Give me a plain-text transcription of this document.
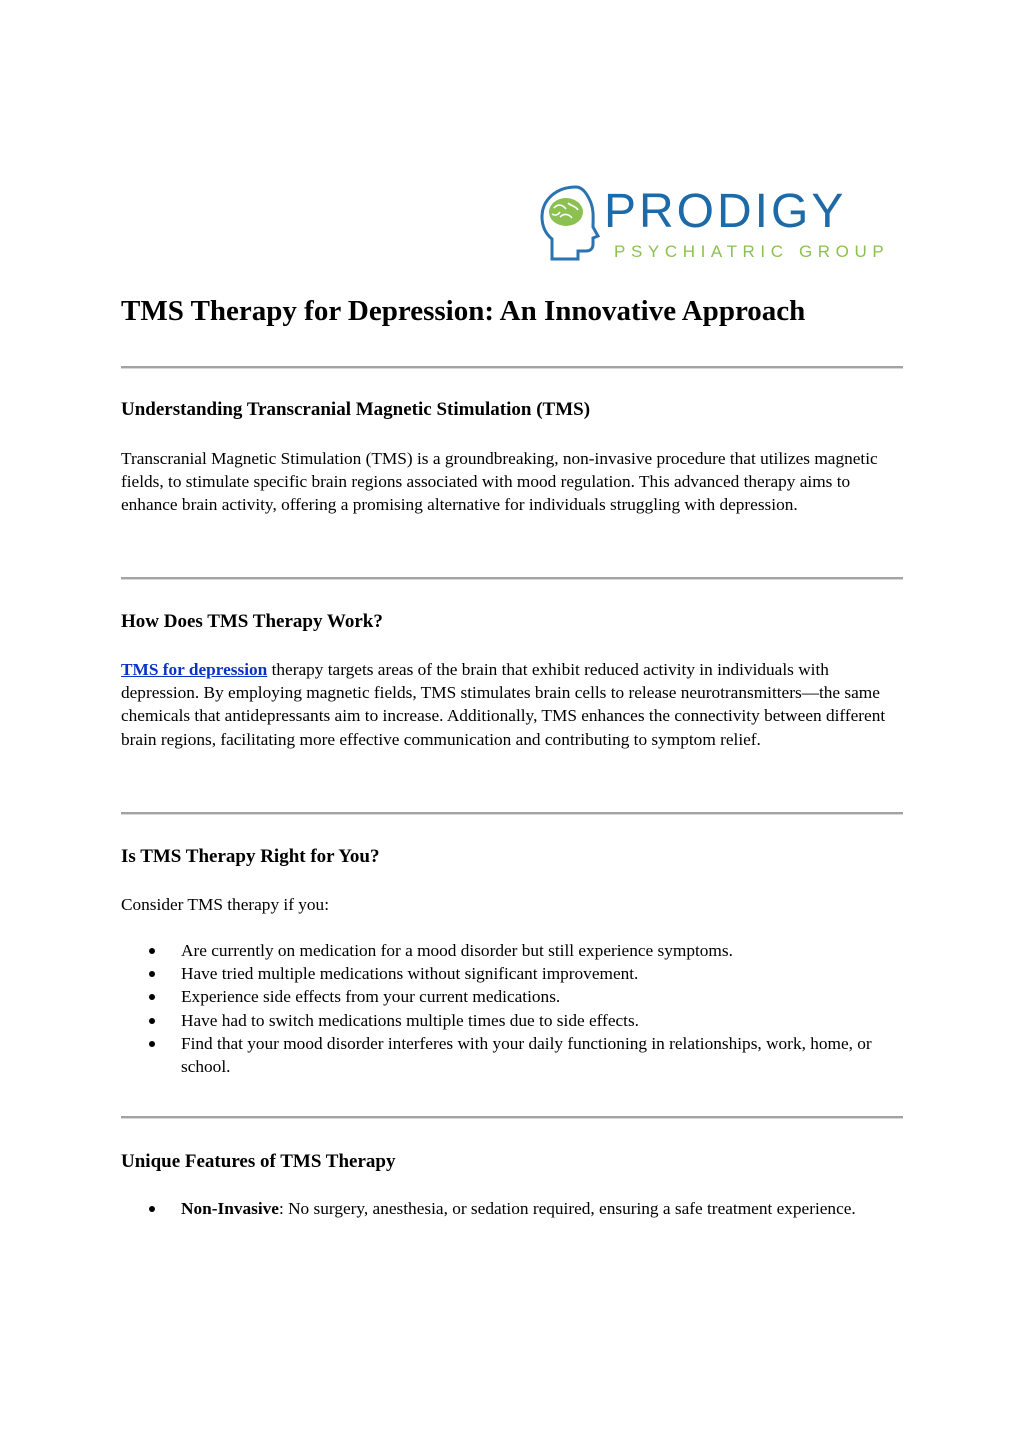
PRODIGY
PSYCHIATRIC GROUP
TMS Therapy for Depression: An Innovative Approach
Understanding Transcranial Magnetic Stimulation (TMS)

Transcranial Magnetic Stimulation (TMS) is a groundbreaking, non-invasive procedure that utilizes magnetic fields, to stimulate specific brain regions associated with mood regulation. This advanced therapy aims to enhance brain activity, offering a promising alternative for individuals struggling with depression.

How Does TMS Therapy Work?

TMS for depression therapy targets areas of the brain that exhibit reduced activity in individuals with depression. By employing magnetic fields, TMS stimulates brain cells to release neurotransmitters—the same chemicals that antidepressants aim to increase. Additionally, TMS enhances the connectivity between different brain regions, facilitating more effective communication and contributing to symptom relief.

Is TMS Therapy Right for You?

Consider TMS therapy if you:

Are currently on medication for a mood disorder but still experience symptoms.
Have tried multiple medications without significant improvement.
Experience side effects from your current medications.
Have had to switch medications multiple times due to side effects.
Find that your mood disorder interferes with your daily functioning in relationships, work, home, or school.
Unique Features of TMS Therapy
Non-Invasive: No surgery, anesthesia, or sedation required, ensuring a safe treatment experience.
